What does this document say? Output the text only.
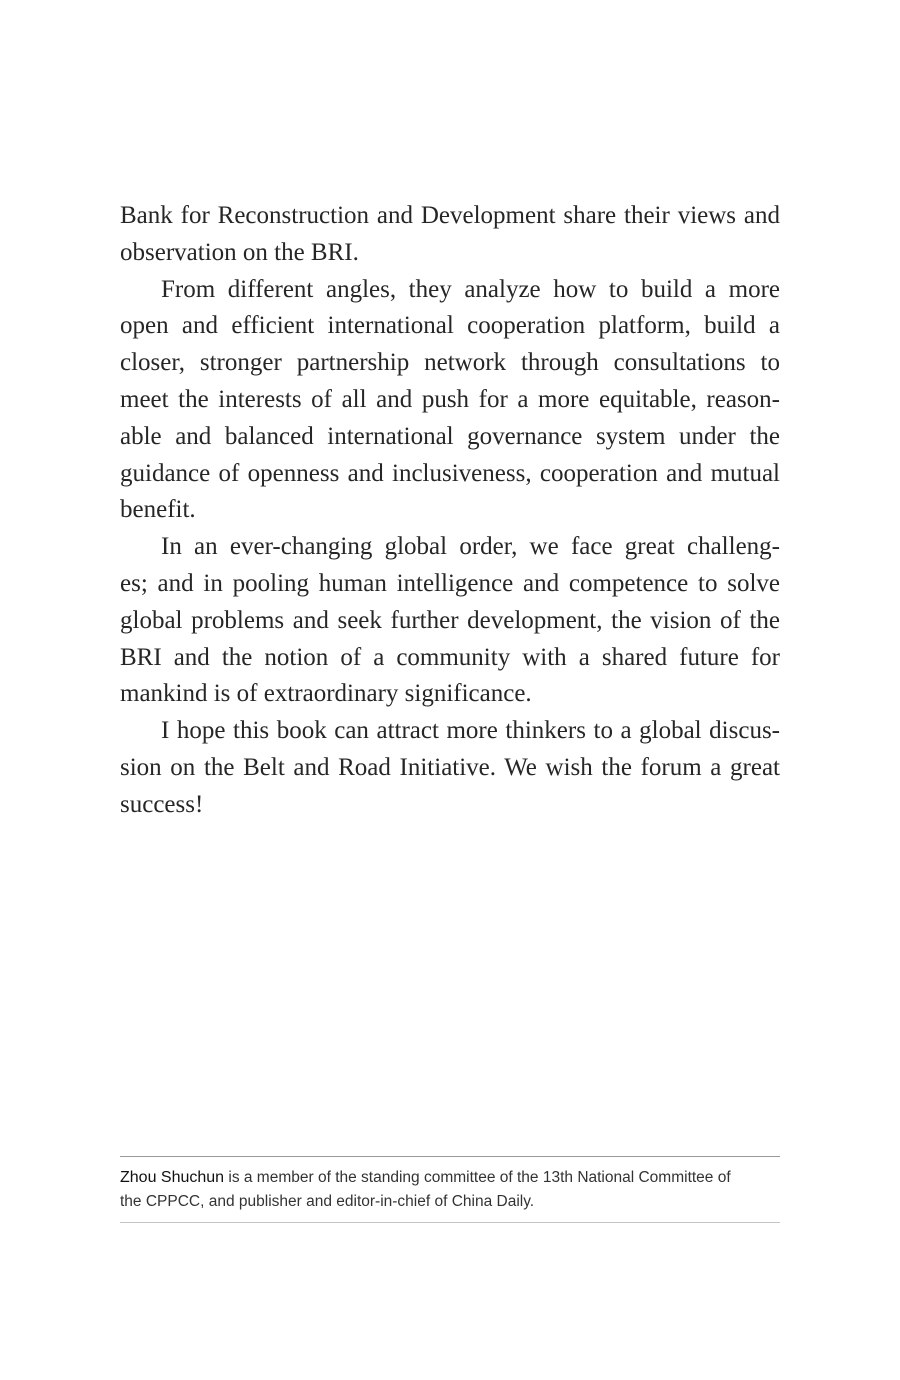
Bank for Reconstruction and Development share their views and
observation on the BRI.

From different angles, they analyze how to build a more
open and efficient international cooperation platform, build a
closer, stronger partnership network through consultations to
meet the interests of all and push for a more equitable, reason-
able and balanced international governance system under the
guidance of openness and inclusiveness, cooperation and mutual
benefit.

In an ever-changing global order, we face great challeng-
es; and in pooling human intelligence and competence to solve
global problems and seek further development, the vision of the
BRI and the notion of a community with a shared future for
mankind is of extraordinary significance.

I hope this book can attract more thinkers to a global discus-
sion on the Belt and Road Initiative. We wish the forum a great
success!

Zhou Shuchun is a member of the standing committee of the 13th National Committee of
the CPPCC, and publisher and editor-in-chief of China Daily.
